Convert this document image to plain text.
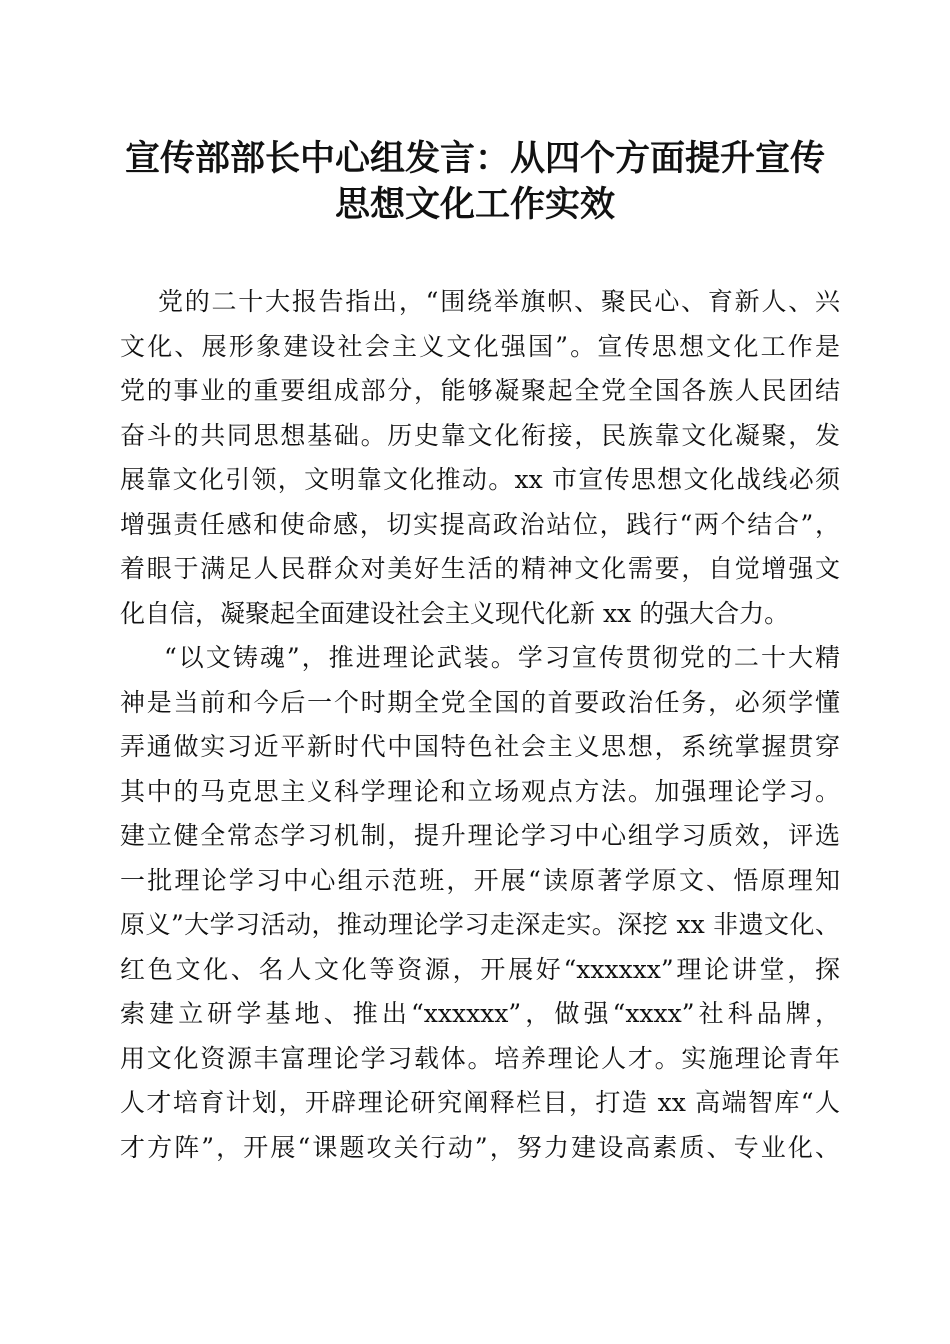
宣传部部长中心组发言：从四个方面提升宣传
思想文化工作实效
党的二十大报告指出，“围绕举旗帜、聚民心、育新人、兴
文化、展形象建设社会主义文化强国”。宣传思想文化工作是
党的事业的重要组成部分，能够凝聚起全党全国各族人民团结
奋斗的共同思想基础。历史靠文化衔接，民族靠文化凝聚，发
展靠文化引领，文明靠文化推动。xx 市宣传思想文化战线必须
增强责任感和使命感，切实提高政治站位，践行“两个结合”，
着眼于满足人民群众对美好生活的精神文化需要，自觉增强文
化自信，凝聚起全面建设社会主义现代化新 xx 的强大合力。
“以文铸魂”，推进理论武装。学习宣传贯彻党的二十大精
神是当前和今后一个时期全党全国的首要政治任务，必须学懂
弄通做实习近平新时代中国特色社会主义思想，系统掌握贯穿
其中的马克思主义科学理论和立场观点方法。加强理论学习。
建立健全常态学习机制，提升理论学习中心组学习质效，评选
一批理论学习中心组示范班，开展“读原著学原文、悟原理知
原义”大学习活动，推动理论学习走深走实。深挖 xx 非遗文化、
红色文化、名人文化等资源，开展好“xxxxxx”理论讲堂，探
索建立研学基地、推出“xxxxxx”，做强“xxxx”社科品牌，
用文化资源丰富理论学习载体。培养理论人才。实施理论青年
人才培育计划，开辟理论研究阐释栏目，打造 xx 高端智库“人
才方阵”，开展“课题攻关行动”，努力建设高素质、专业化、
